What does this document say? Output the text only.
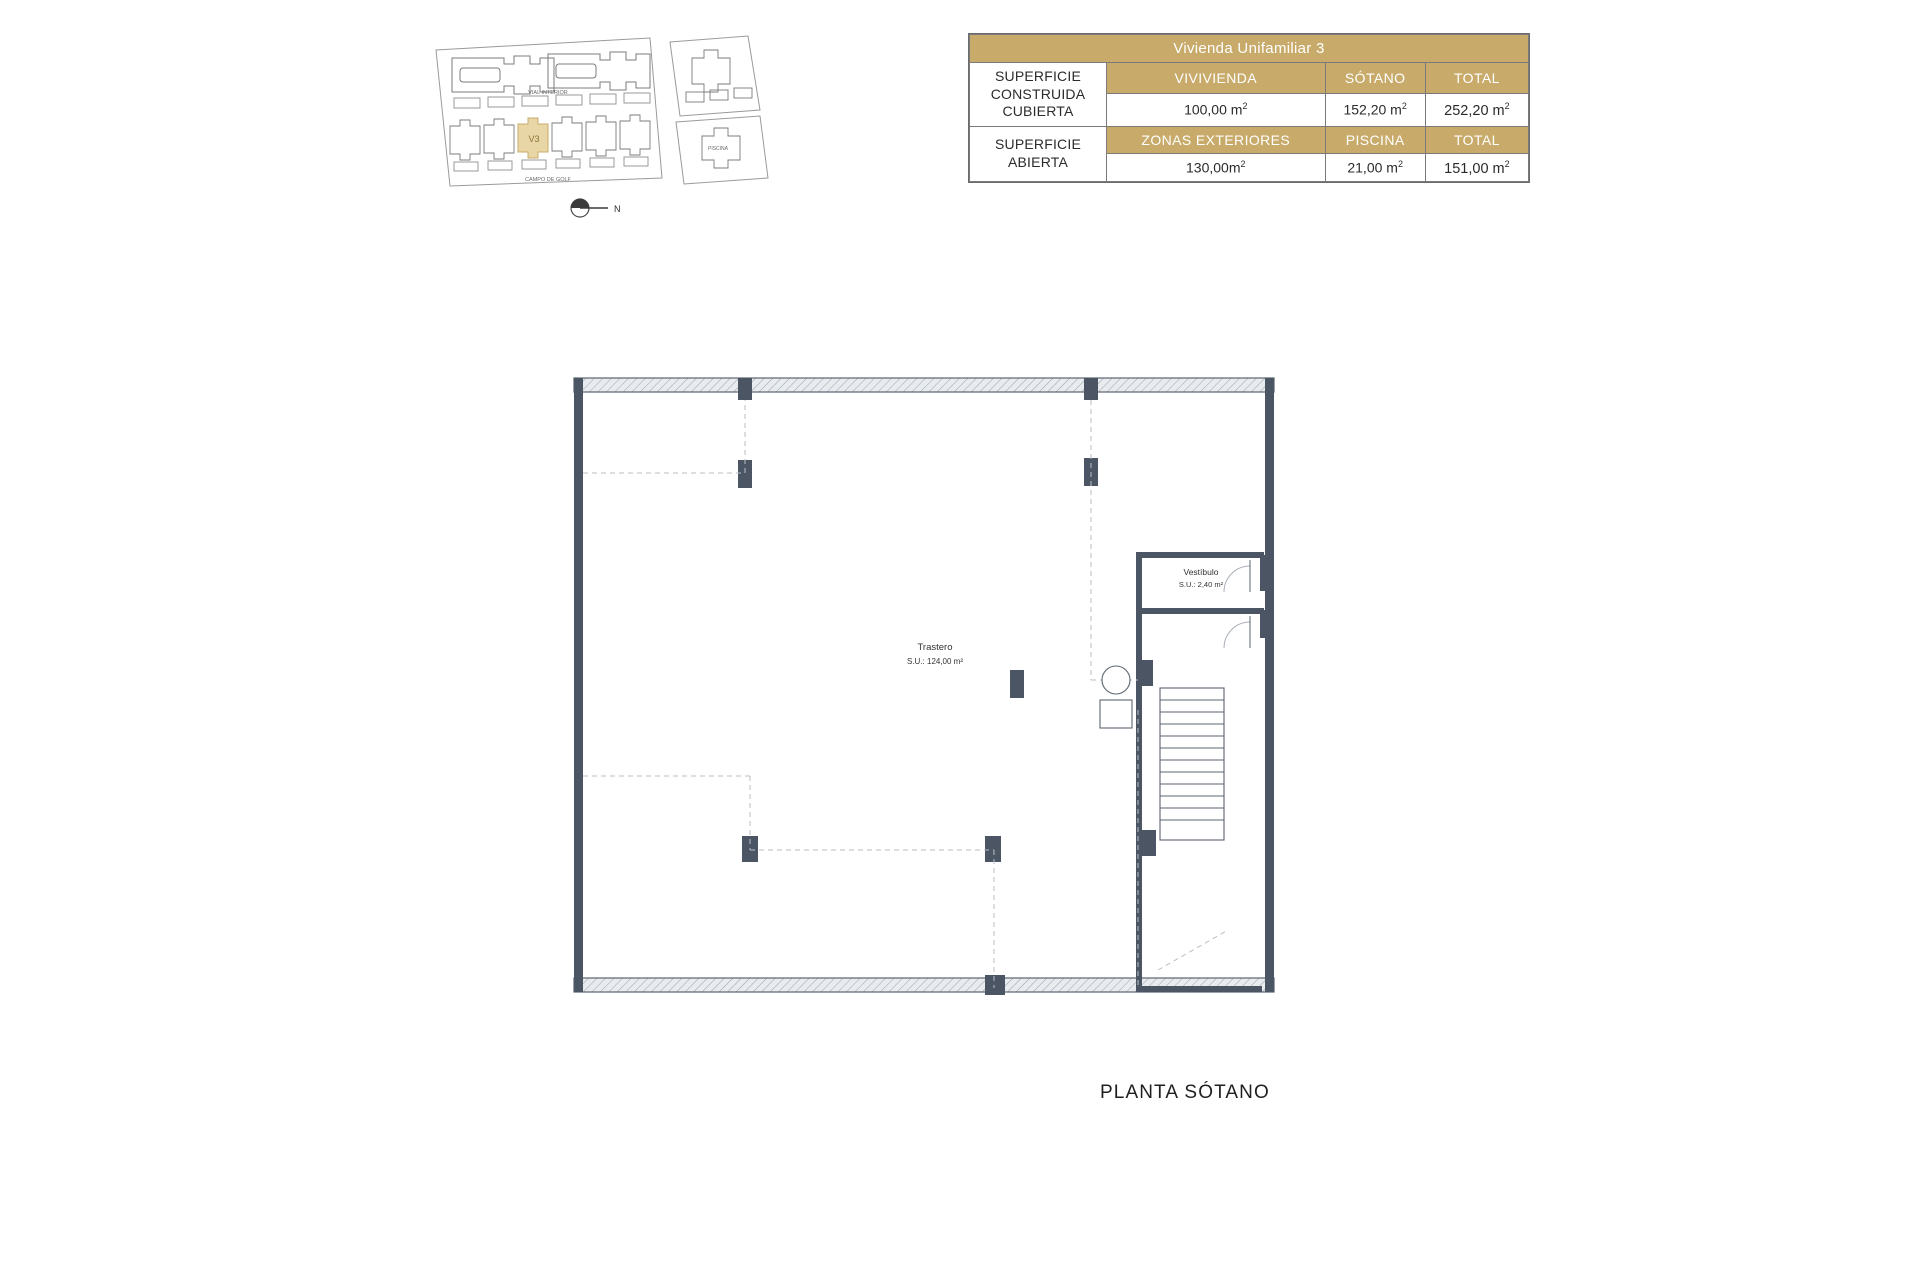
V3
VIAL INTERIOR
CAMPO DE GOLF
PISCINA
N
Vivienda Unifamiliar 3			
SUPERFICIE CONSTRUIDA CUBIERTA	VIVIVIENDA	SÓTANO	TOTAL
	100,00 $m^2$	152,20 $m^2$	252,20 $m^2$
SUPERFICIE ABIERTA	ZONAS EXTERIORES	PISCINA	TOTAL
	$130,00m^2$	21,00 $m^2$	151,00 $m^2$
Trastero
S.U.: 124,00 m²
Vestíbulo
S.U.: 2,40 m²
PLANTA SÓTANO
